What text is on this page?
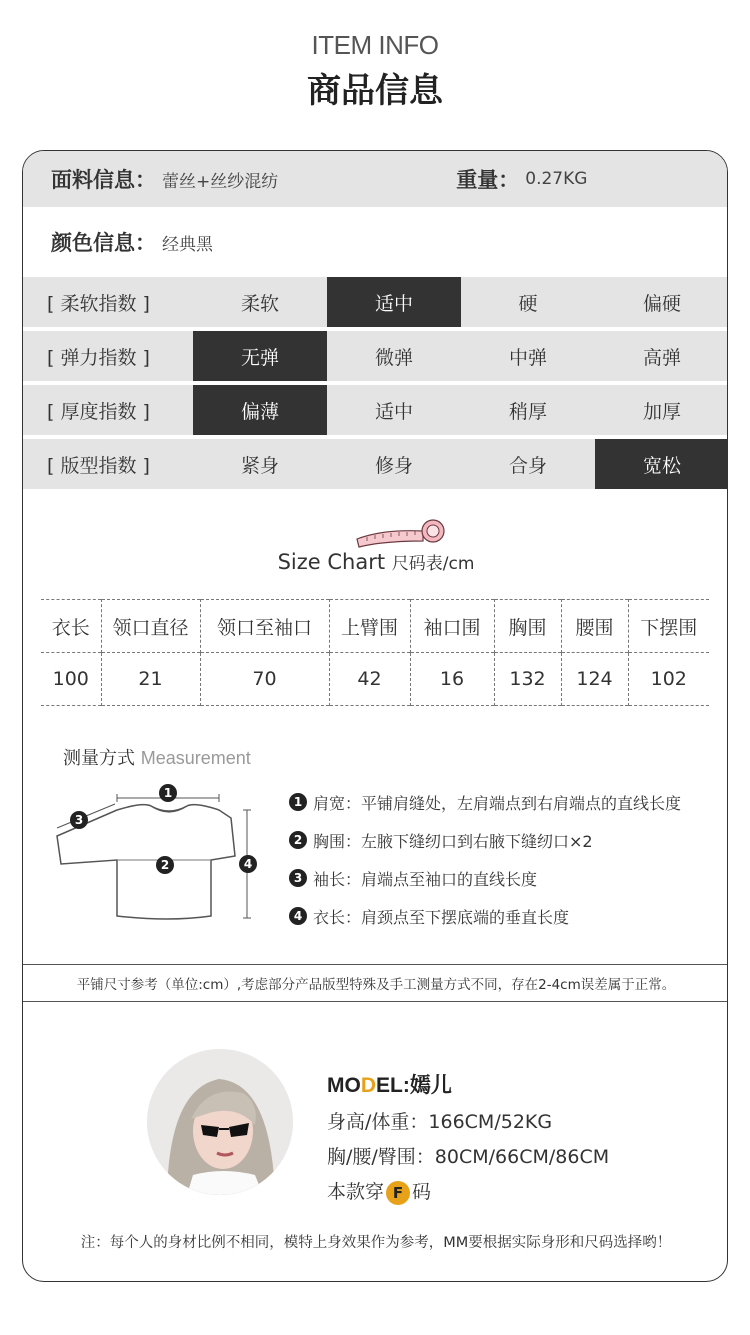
ITEM INFO
商品信息
面料信息： 蕾丝+丝纱混纺	重量： 0.27KG
颜色信息： 经典黑
[ 柔软指数 ]	柔软	适中	硬	偏硬
[ 弹力指数 ]	无弹	微弹	中弹	高弹
[ 厚度指数 ]	偏薄	适中	稍厚	加厚
[ 版型指数 ]	紧身	修身	合身	宽松
Size Chart 尺码表/cm
衣长	领口直径	领口至袖口	上臂围	袖口围	胸围	腰围	下摆围
100	21	70	42	16	132	124	102
测量方式 Measurement
1
2
3
4
1 肩宽：平铺肩缝处，左肩端点到右肩端点的直线长度
2 胸围：左腋下缝纫口到右腋下缝纫口×2
3 袖长：肩端点至袖口的直线长度
4 衣长：肩颈点至下摆底端的垂直长度
平铺尺寸参考（单位:cm）,考虑部分产品版型特殊及手工测量方式不同，存在2-4cm误差属于正常。
MODEL:嫣儿
身高/体重：166CM/52KG
胸/腰/臀围：80CM/66CM/86CM
本款穿 F 码
注：每个人的身材比例不相同，模特上身效果作为参考，MM要根据实际身形和尺码选择哟！
